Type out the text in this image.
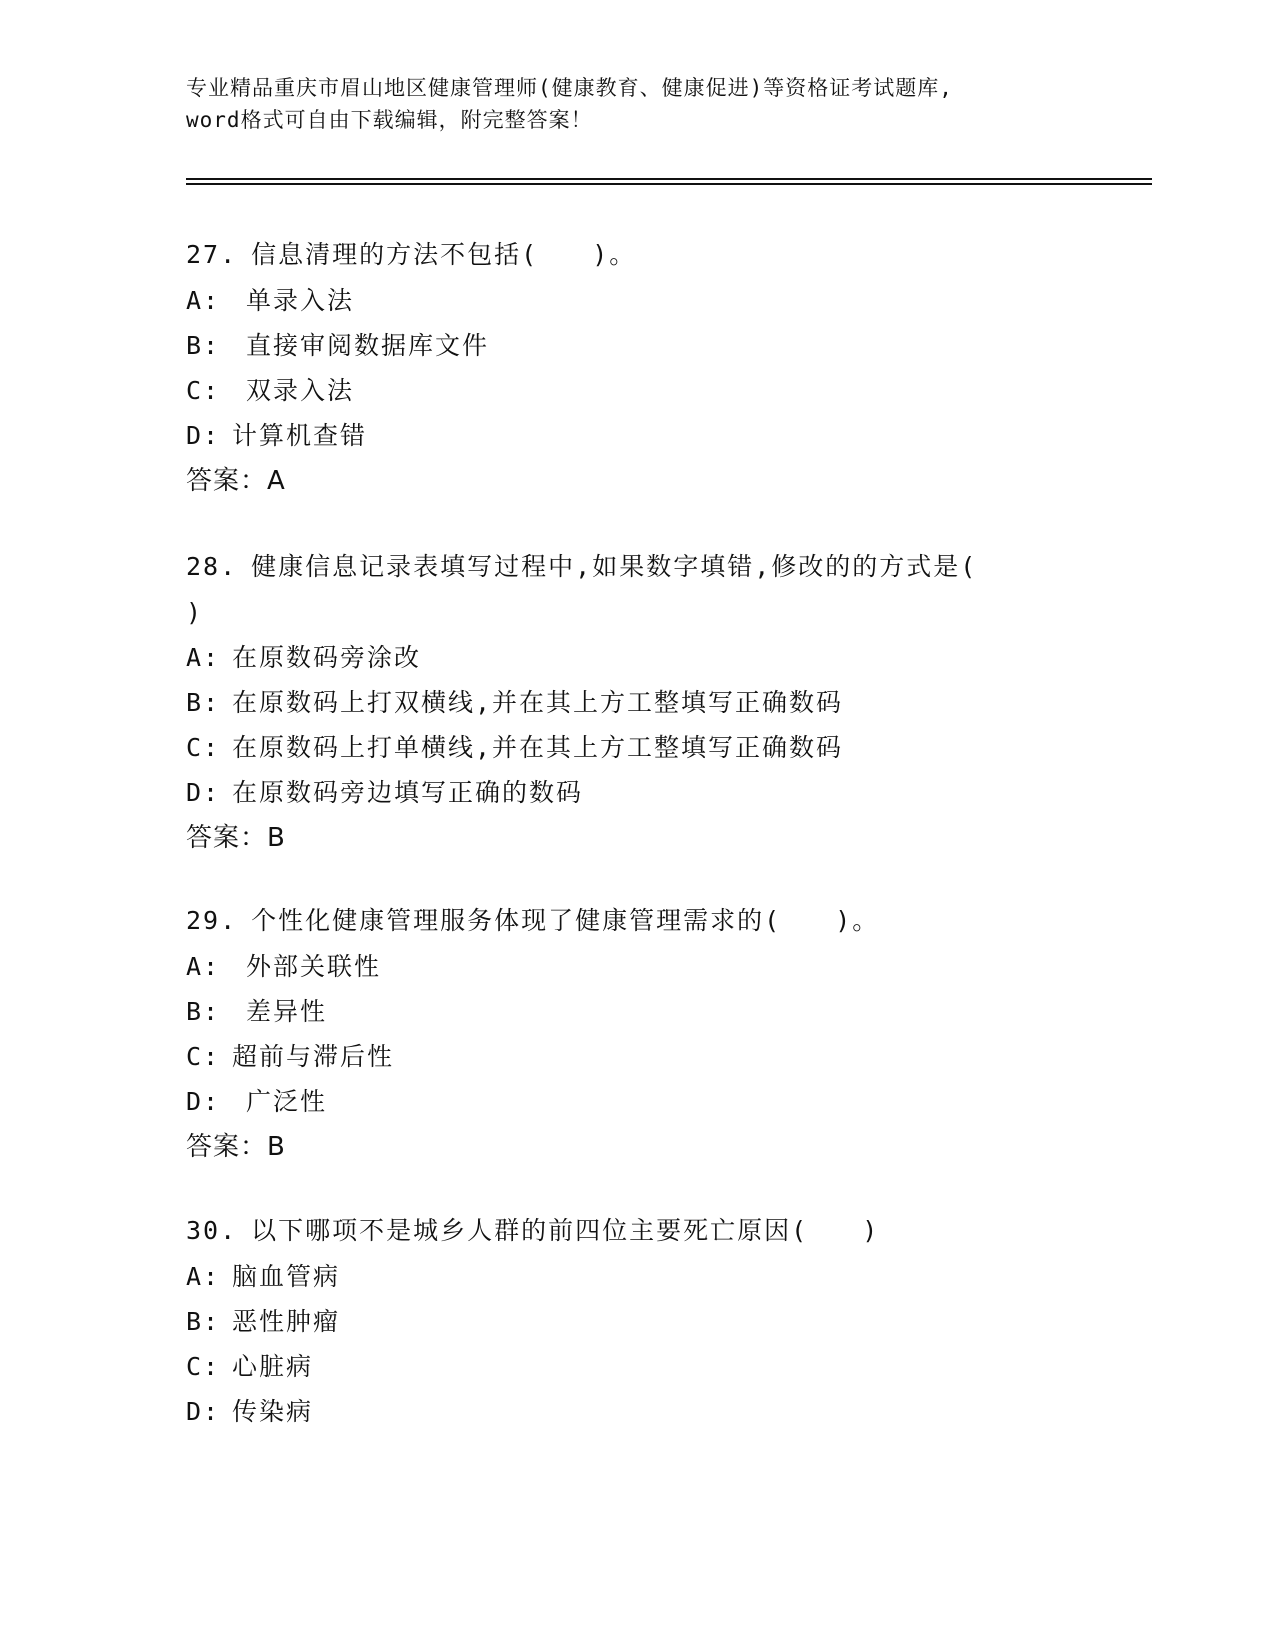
专业精品重庆市眉山地区健康管理师(健康教育、健康促进)等资格证考试题库,
word格式可自由下载编辑，附完整答案！
27. 信息清理的方法不包括(　　)。
A: 单录入法
B: 直接审阅数据库文件
C: 双录入法
D: 计算机查错
答案：A
28. 健康信息记录表填写过程中,如果数字填错,修改的的方式是(
)
A: 在原数码旁涂改
B: 在原数码上打双横线,并在其上方工整填写正确数码
C: 在原数码上打单横线,并在其上方工整填写正确数码
D: 在原数码旁边填写正确的数码
答案：B
29. 个性化健康管理服务体现了健康管理需求的(　　)。
A: 外部关联性
B: 差异性
C: 超前与滞后性
D: 广泛性
答案：B
30. 以下哪项不是城乡人群的前四位主要死亡原因(　　)
A: 脑血管病
B: 恶性肿瘤
C: 心脏病
D: 传染病
